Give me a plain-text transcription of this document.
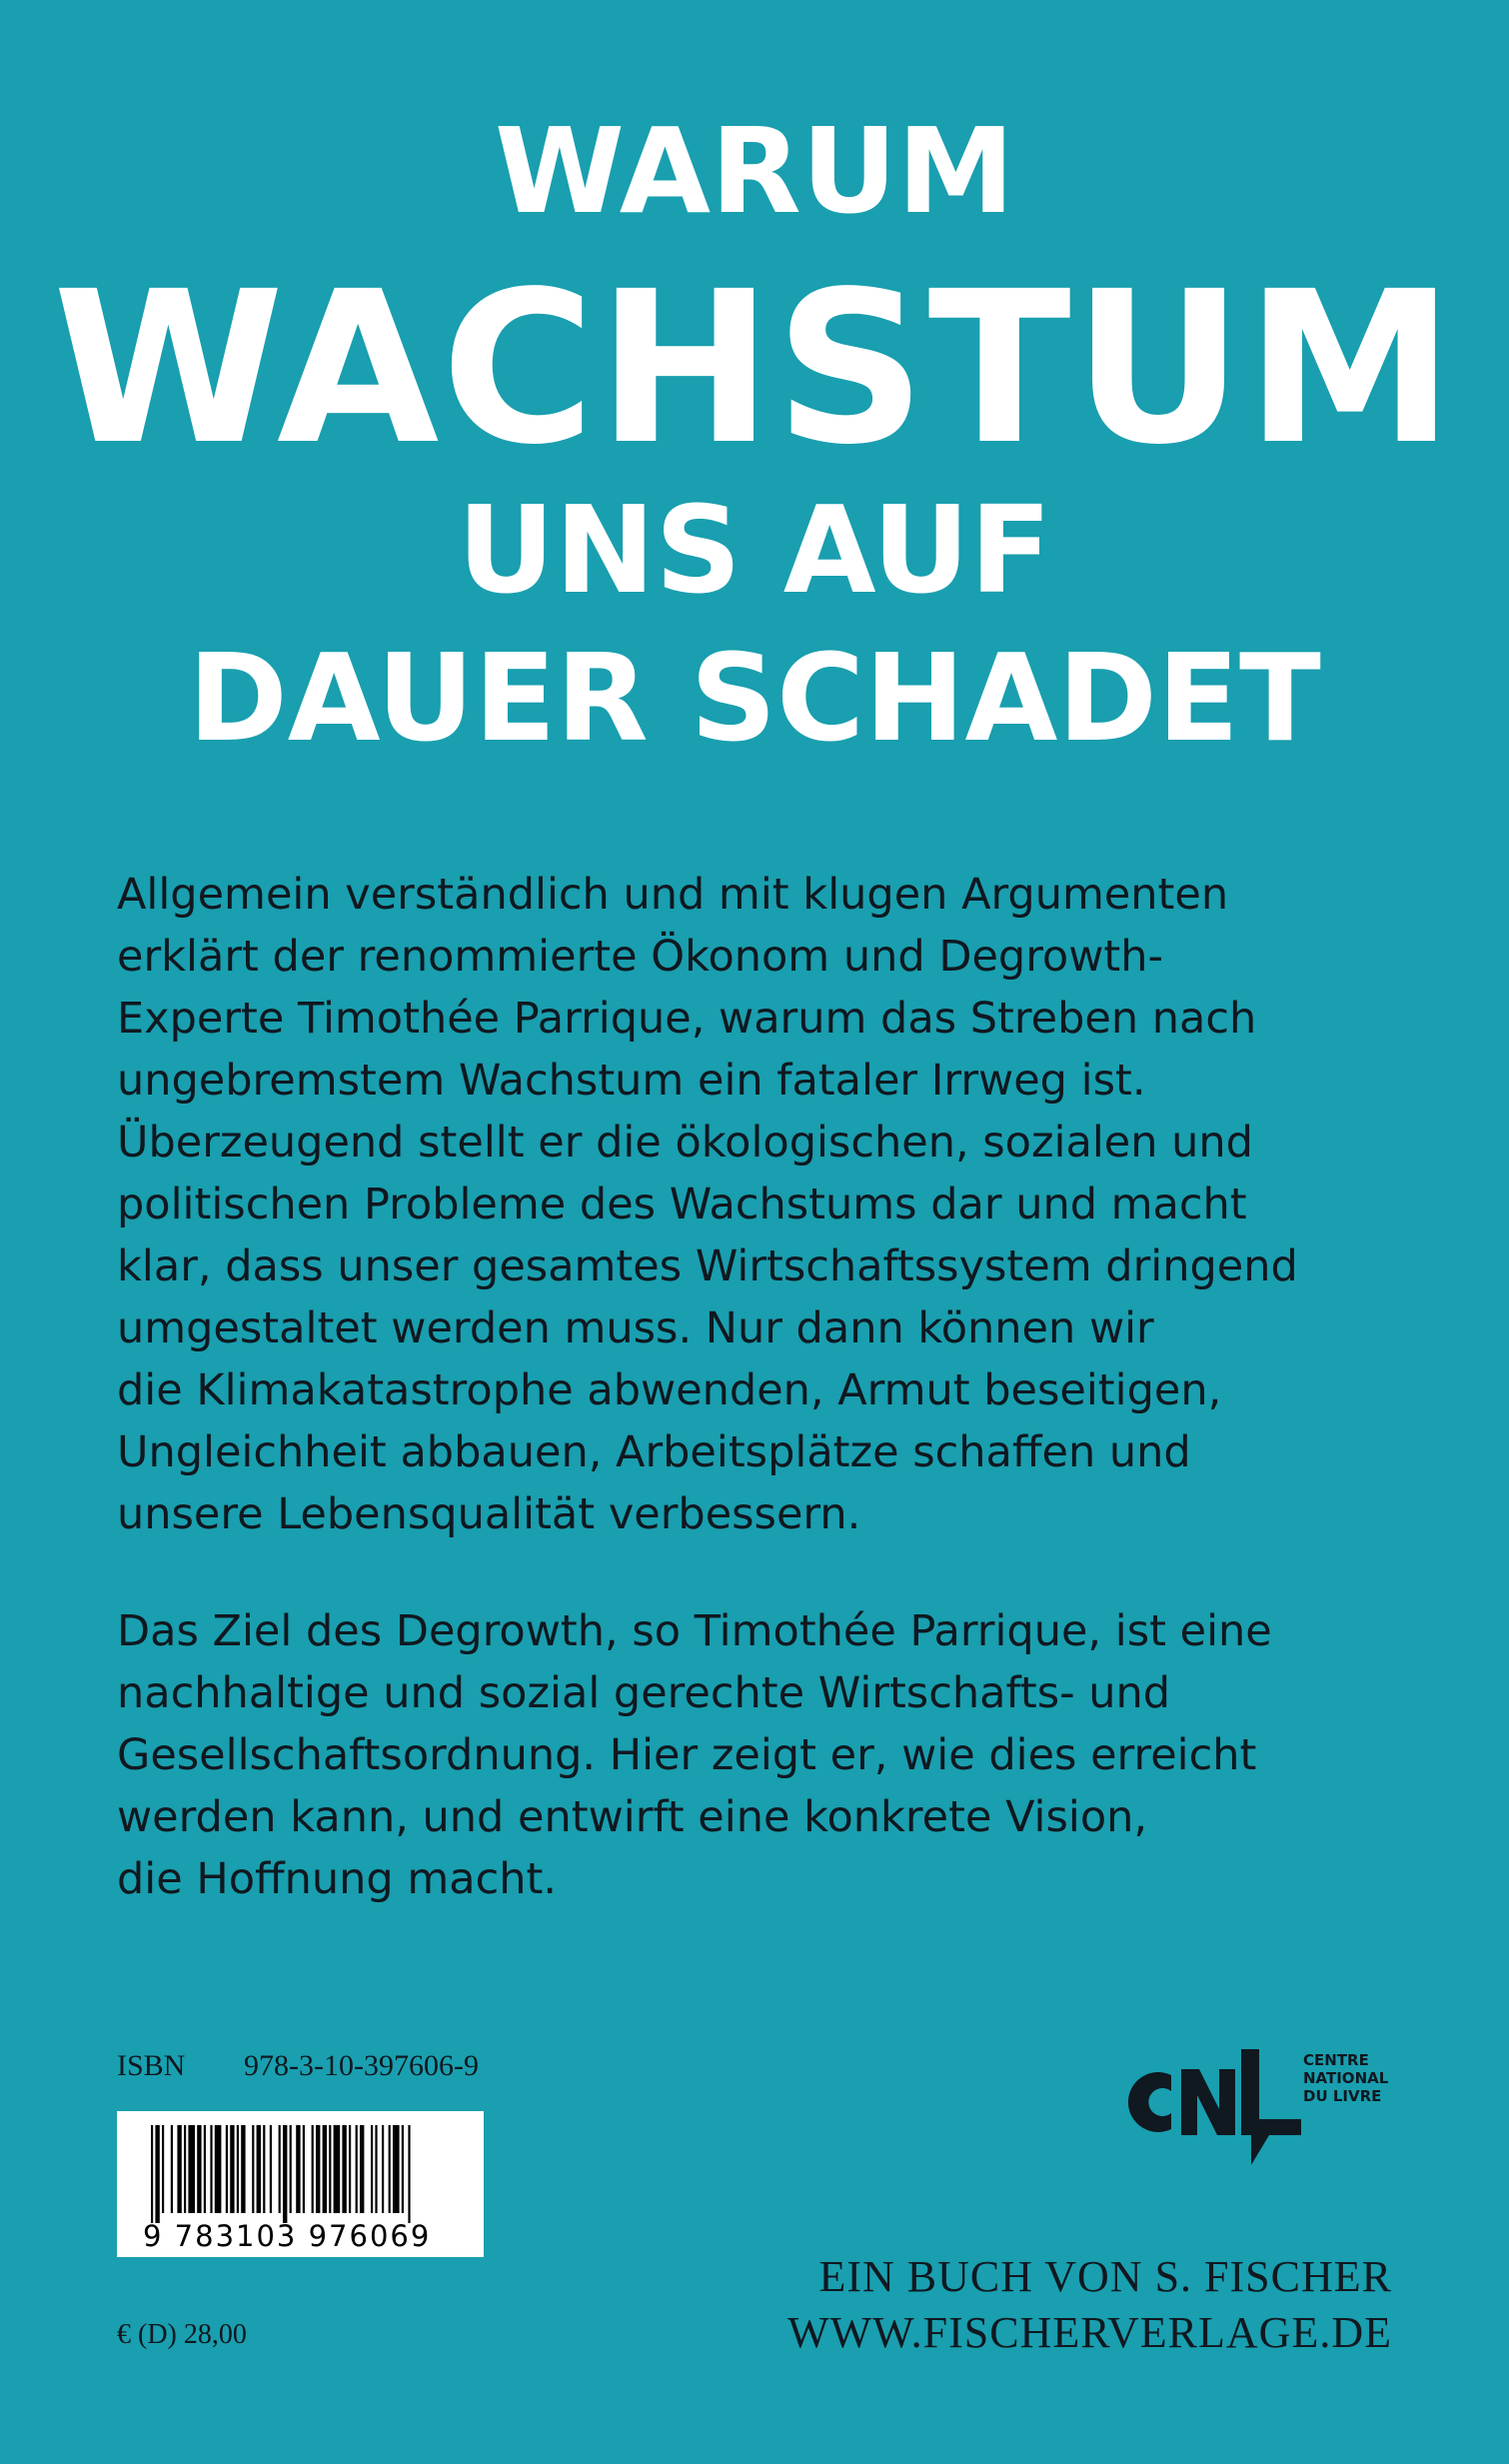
WARUM
WACHSTUM
UNS AUF
DAUER SCHADET
Allgemein verständlich und mit klugen Argumenten
erklärt der renommierte Ökonom und Degrowth-
Experte Timothée Parrique, warum das Streben nach
ungebremstem Wachstum ein fataler Irrweg ist.
Überzeugend stellt er die ökologischen, sozialen und
politischen Probleme des Wachstums dar und macht
klar, dass unser gesamtes Wirtschaftssystem dringend
umgestaltet werden muss. Nur dann können wir
die Klimakatastrophe abwenden, Armut beseitigen,
Ungleichheit abbauen, Arbeitsplätze schaffen und
unsere Lebensqualität verbessern.
Das Ziel des Degrowth, so Timothée Parrique, ist eine
nachhaltige und sozial gerechte Wirtschafts- und
Gesellschaftsordnung. Hier zeigt er, wie dies erreicht
werden kann, und entwirft eine konkrete Vision,
die Hoffnung macht.
ISBN 978-3-10-397606-9
9 783103 976069
€ (D) 28,00
CENTRE
NATIONAL
DU LIVRE
EIN BUCH VON S. FISCHER
WWW.FISCHERVERLAGE.DE
